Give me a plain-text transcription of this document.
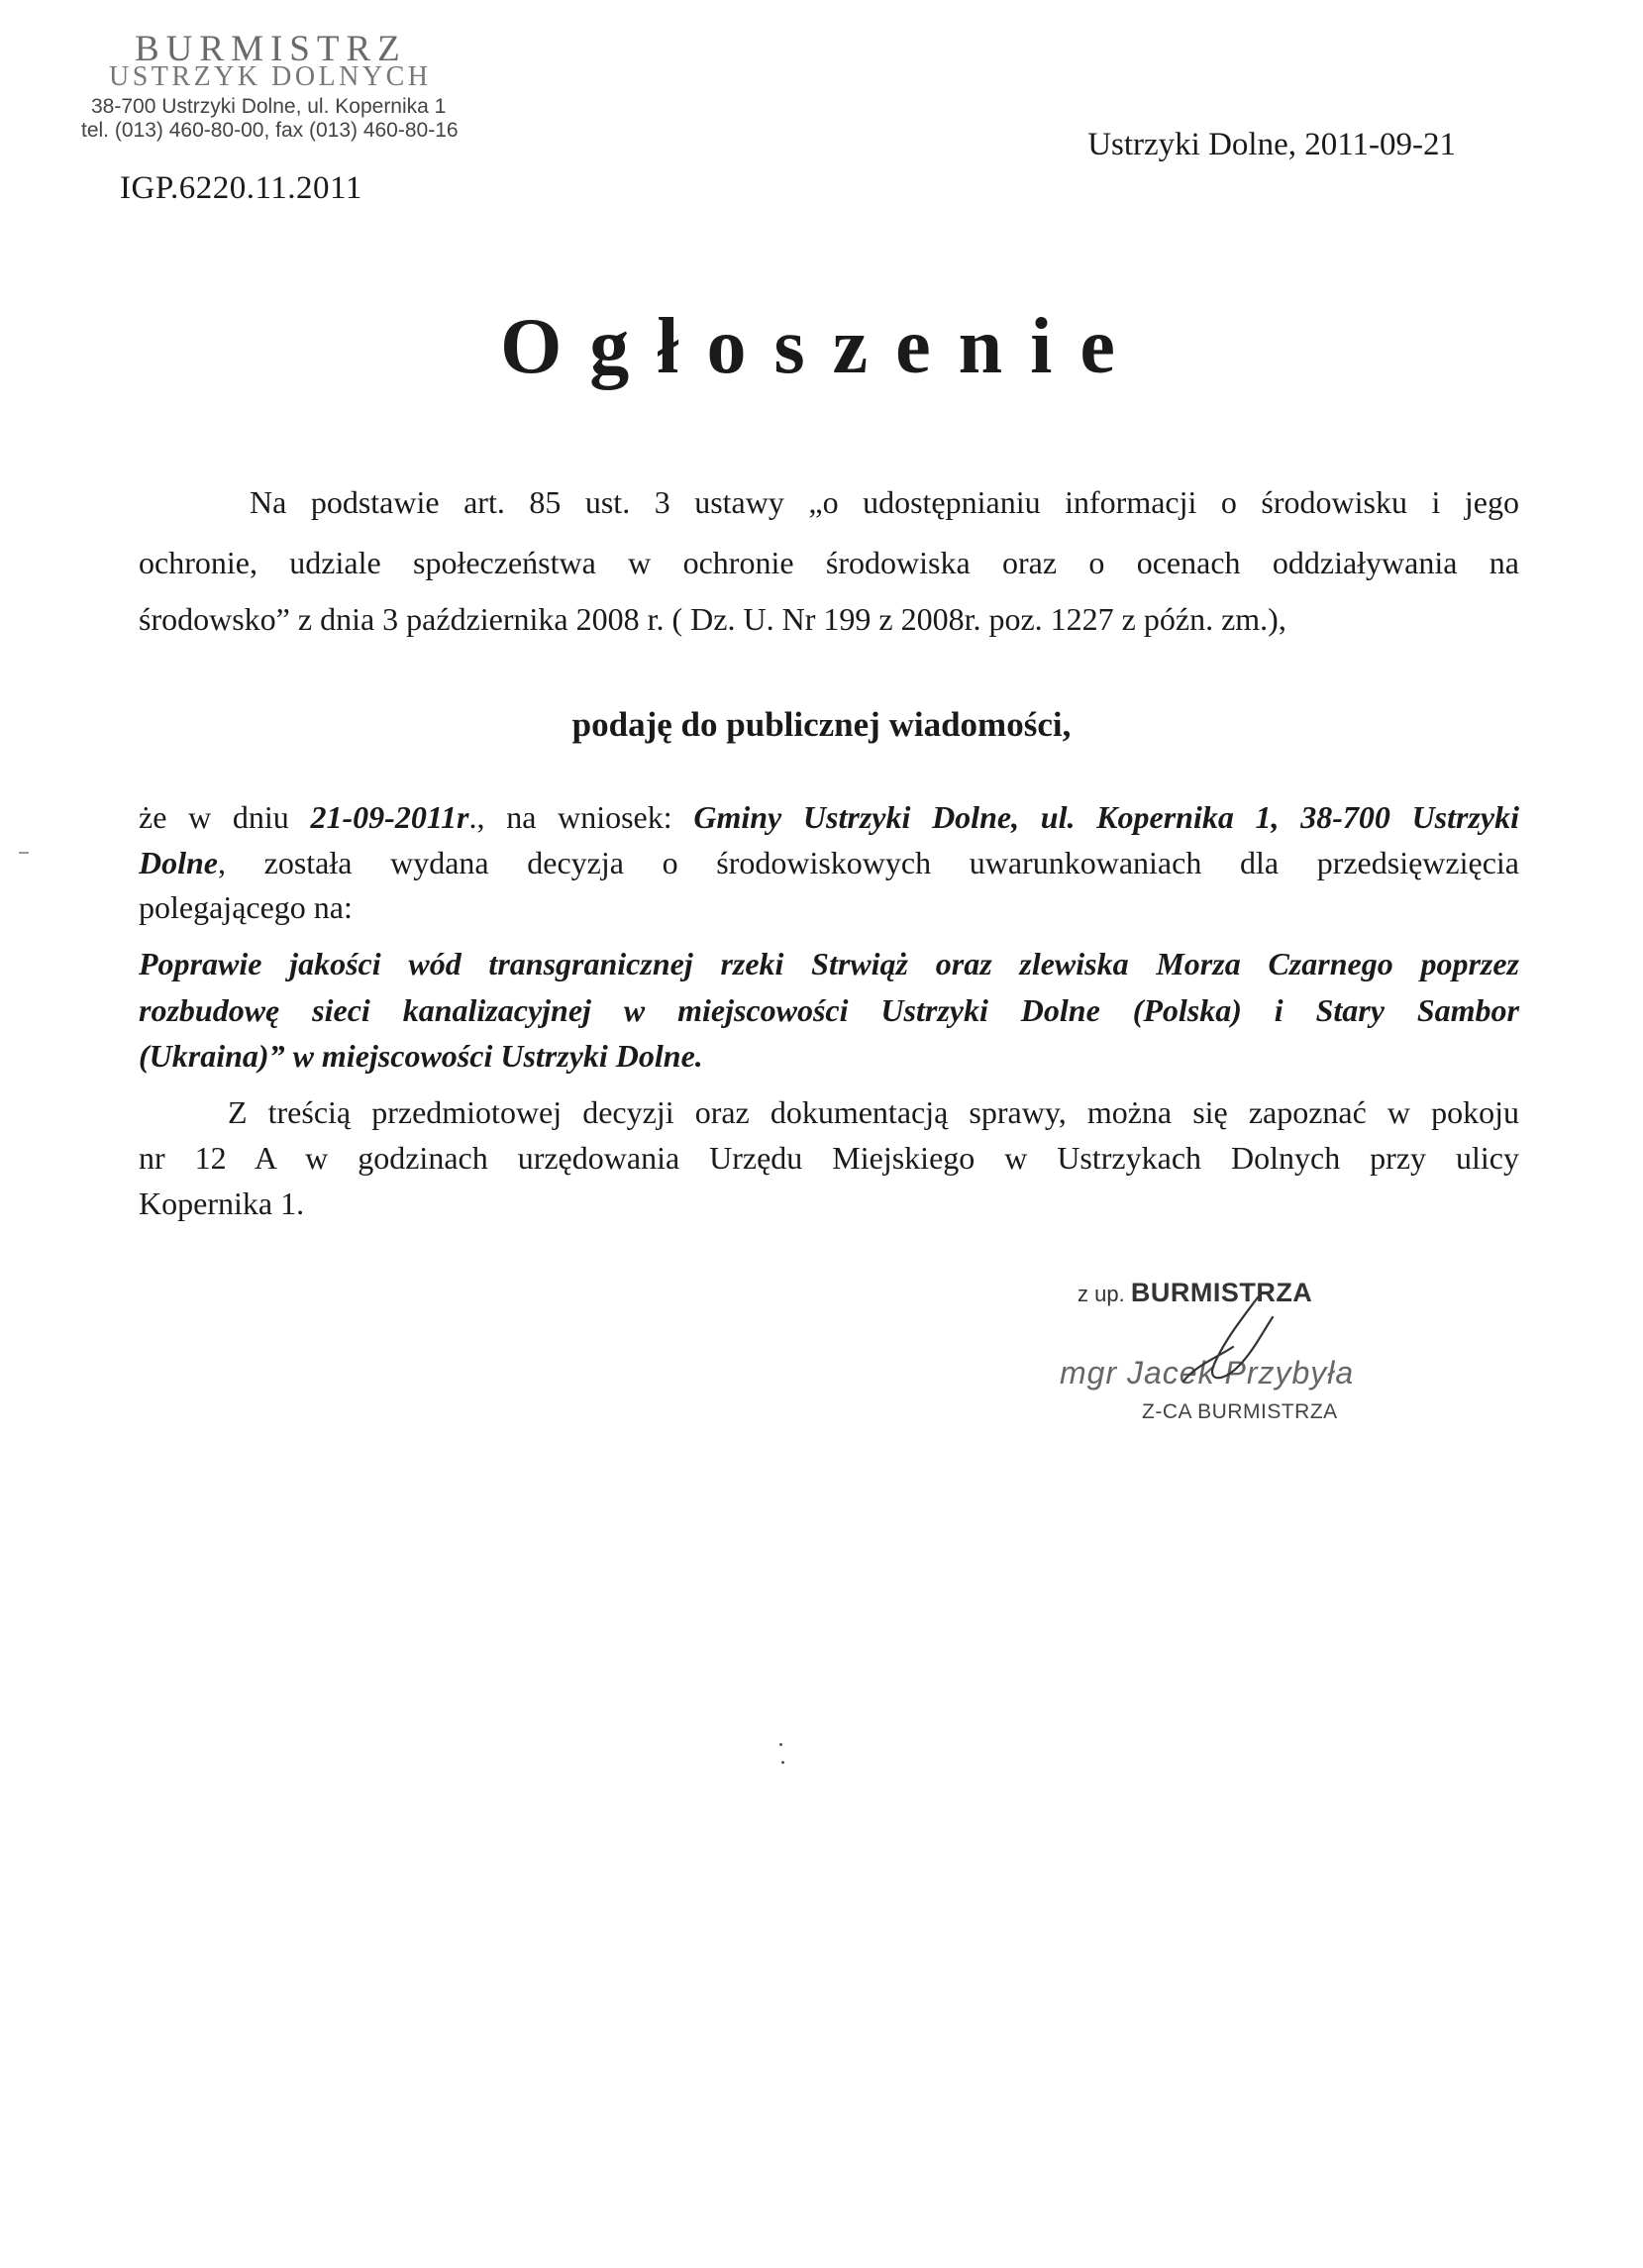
BURMISTRZ

USTRZYK DOLNYCH

38-700 Ustrzyki Dolne, ul. Kopernika 1

tel. (013) 460-80-00, fax (013) 460-80-16	Ustrzyki Dolne, 2011-09-21

IGP.6220.11.2011

Ogłoszenie

Na podstawie art. 85 ust. 3 ustawy „o udostępnianiu informacji o środowisku i jego

ochronie, udziale społeczeństwa w ochronie środowiska oraz o ocenach oddziaływania na

środowsko” z dnia 3 października 2008 r. ( Dz. U. Nr 199 z 2008r. poz. 1227 z późn. zm.),

podaję do publicznej wiadomości,

że w dniu 21-09-2011r., na wniosek: Gminy Ustrzyki Dolne, ul. Kopernika 1, 38-700 Ustrzyki

Dolne, została wydana decyzja o środowiskowych uwarunkowaniach dla przedsięwzięcia

polegającego na:

Poprawie jakości wód transgranicznej rzeki Strwiąż oraz zlewiska Morza Czarnego poprzez

rozbudowę sieci kanalizacyjnej w miejscowości Ustrzyki Dolne (Polska) i Stary Sambor

(Ukraina)” w miejscowości Ustrzyki Dolne.

Z treścią przedmiotowej decyzji oraz dokumentacją sprawy, można się zapoznać w pokoju

nr 12 A w godzinach urzędowania Urzędu Miejskiego w Ustrzykach Dolnych przy ulicy

Kopernika 1.

z up. BURMISTRZA

mgr Jacek Przybyła

Z-CA BURMISTRZA
